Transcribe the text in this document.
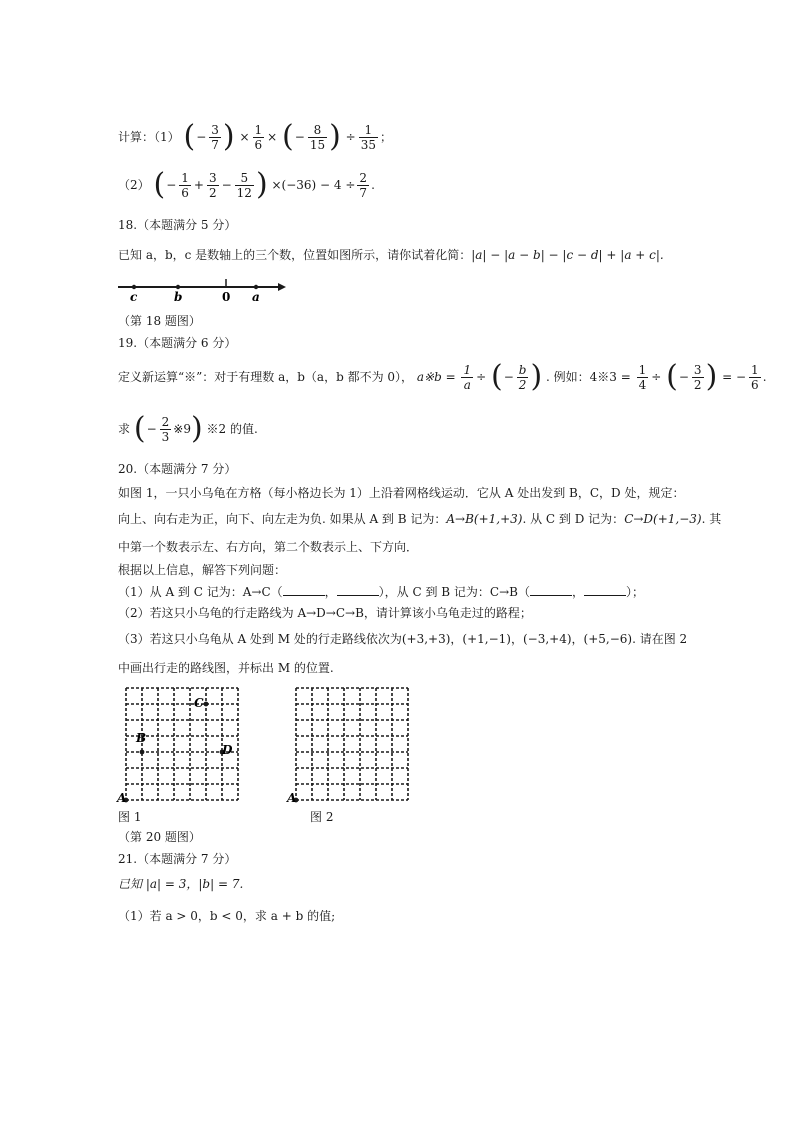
计算：（1） (− $\frac{3}{7}$ ) × $\frac{1}{6}$ × (− $\frac{8}{15}$ ) ÷ $\frac{1}{35}$ ；
（2） (− $\frac{1}{6} + \frac{3}{2} - \frac{5}{12}$ ) $\times(-36) - 4 \div \frac{2}{7}$ .
18.（本题满分 5 分）
已知 a，b，c 是数轴上的三个数，位置如图所示，请你试着化简：|a| − |a − b| − |c − d| + |a + c|.
c	b	0 a
（第 18 题图）
19.（本题满分 6 分）
定义新运算“※”：对于有理数 a，b（a，b 都不为 0）， a※b = $\frac{1}{a}$ ÷ (− $\frac{b}{2}$ ) . 例如：4※3 = $\frac{1}{4}$ ÷ (− $\frac{3}{2}$ ) = − $\frac{1}{6}$ .
求 (− $\frac{2}{3}$ ※9) ※2 的值.
20.（本题满分 7 分）
如图 1，一只小乌龟在方格（每小格边长为 1）上沿着网格线运动．它从 A 处出发到 B，C，D 处，规定：
向上、向右走为正，向下、向左走为负. 如果从 A 到 B 记为：A→B(+1,+3). 从 C 到 D 记为：C→D(+1,−3). 其
中第一个数表示左、右方向，第二个数表示上、下方向．
根据以上信息，解答下列问题：
（1）从 A 到 C 记为：A→C（	，	），从 C 到 B 记为：C→B（	，	）；
（2）若这只小乌龟的行走路线为 A→D→C→B，请计算该小乌龟走过的路程；
（3）若这只小乌龟从 A 处到 M 处的行走路线依次为(+3,+3)，(+1,−1)，(−3,+4)，(+5,−6). 请在图 2
中画出行走的路线图，并标出 M 的位置.
A
B
C
D
A
图 1	图 2
（第 20 题图）
21.（本题满分 7 分）
已知 |a| = 3，|b| = 7.
（1）若 a > 0，b < 0，求 a + b 的值;
